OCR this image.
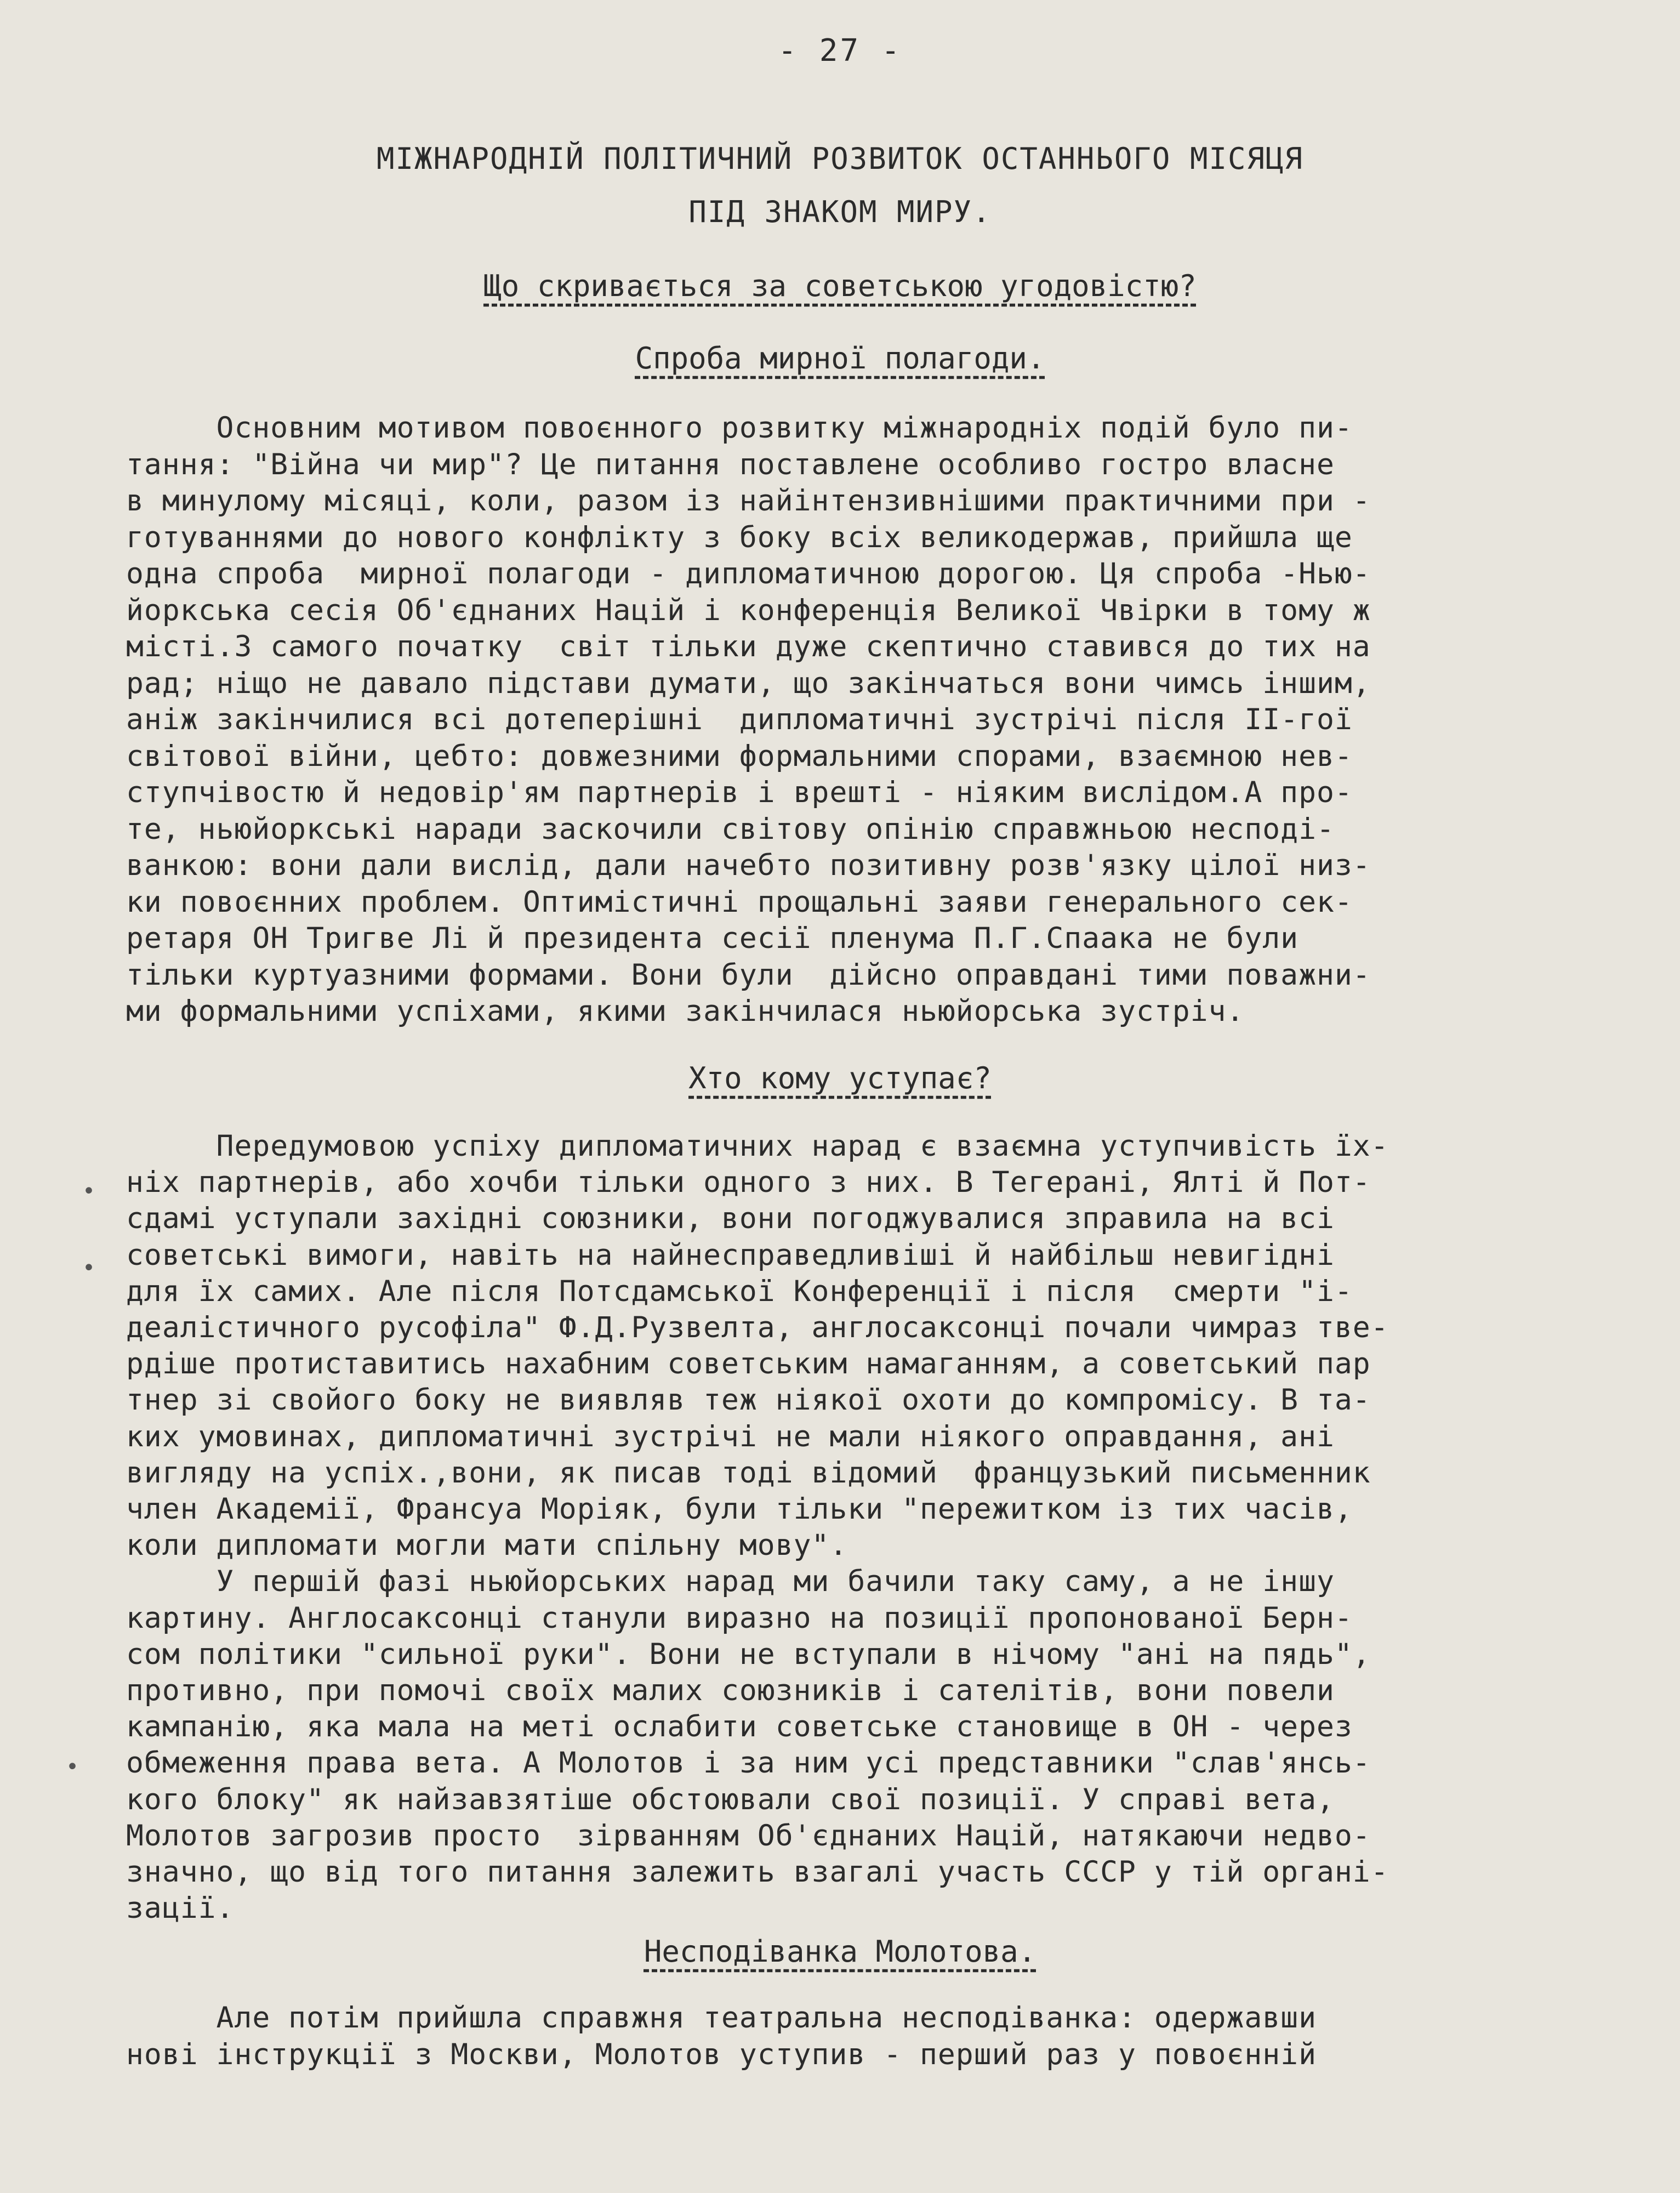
- 27 -
МІЖНАРОДНІЙ ПОЛІТИЧНИЙ РОЗВИТОК ОСТАННЬОГО МІСЯЦЯ
ПІД ЗНАКОМ МИРУ.
Що скривається за советською угодовістю?
Спроба мирної полагоди.
Основним мотивом повоєнного розвитку міжнародніх подій було пи-
тання: "Війна чи мир"? Це питання поставлене особливо гостро власне
в минулому місяці, коли, разом із найінтензивнішими практичними при -
готуваннями до нового конфлікту з боку всіх великодержав, прийшла ще
одна спроба  мирної полагоди - дипломатичною дорогою. Ця спроба -Нью-
йоркська сесія Об'єднаних Націй і конференція Великої Чвірки в тому ж
місті.З самого початку  світ тільки дуже скептично ставився до тих на
рад; ніщо не давало підстави думати, що закінчаться вони чимсь іншим,
аніж закінчилися всі дотеперішні  дипломатичні зустрічі після II-гої
світової війни, цебто: довжезними формальними спорами, взаємною нев-
ступчівостю й недовір'ям партнерів і врешті - ніяким вислідом.А про-
те, ньюйоркські наради заскочили світову опінію справжньою несподі-
ванкою: вони дали вислід, дали начебто позитивну розв'язку цілої низ-
ки повоєнних проблем. Оптимістичні прощальні заяви генерального сек-
ретаря ОН Тригве Лі й президента сесії пленума П.Г.Спаака не були
тільки куртуазними формами. Вони були  дійсно оправдані тими поважни-
ми формальними успіхами, якими закінчилася ньюйорська зустріч.
Хто кому уступає?
Передумовою успіху дипломатичних нарад є взаємна уступчивість їх-
ніх партнерів, або хочби тільки одного з них. В Тегерані, Ялті й Пот-
сдамі уступали західні союзники, вони погоджувалися зправила на всі
советські вимоги, навіть на найнесправедливіші й найбільш невигідні
для їх самих. Але після Потсдамської Конференції і після  смерти "і-
деалістичного русофіла" Ф.Д.Рузвелта, англосаксонці почали чимраз тве-
рдіше протиставитись нахабним советським намаганням, а советський пар
тнер зі свойого боку не виявляв теж ніякої охоти до компромісу. В та-
ких умовинах, дипломатичні зустрічі не мали ніякого оправдання, ані
вигляду на успіх.,вони, як писав тоді відомий  французький письменник
член Академії, Франсуа Моріяк, були тільки "пережитком із тих часів,
коли дипломати могли мати спільну мову".
У першій фазі ньюйорських нарад ми бачили таку саму, а не іншу
картину. Англосаксонці станули виразно на позиції пропонованої Берн-
сом політики "сильної руки". Вони не вступали в нічому "ані на пядь",
противно, при помочі своїх малих союзників і сателітів, вони повели
кампанію, яка мала на меті ослабити советське становище в ОН - через
обмеження права вета. А Молотов і за ним усі представники "слав'янсь-
кого блоку" як найзавзятіше обстоювали свої позиції. У справі вета,
Молотов загрозив просто  зірванням Об'єднаних Націй, натякаючи недво-
значно, що від того питання залежить взагалі участь СССР у тій органі-
зації.
Несподіванка Молотова.
Але потім прийшла справжня театральна несподіванка: одержавши
нові інструкції з Москви, Молотов уступив - перший раз у повоєнній
•
•
•
